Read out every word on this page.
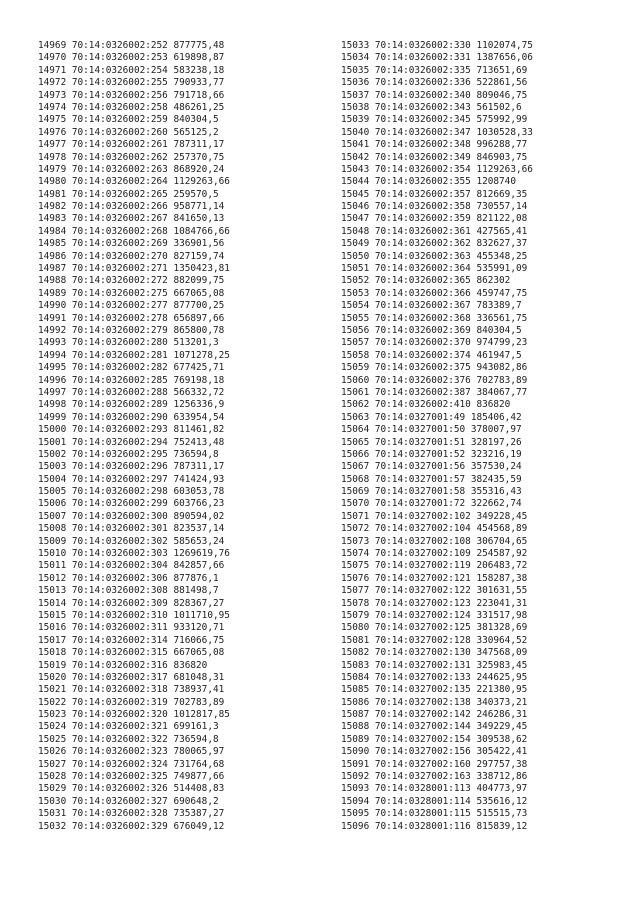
14969 70:14:0326002:252 877775,48
14970 70:14:0326002:253 619898,87
14971 70:14:0326002:254 583238,18
14972 70:14:0326002:255 790933,77
14973 70:14:0326002:256 791718,66
14974 70:14:0326002:258 486261,25
14975 70:14:0326002:259 840304,5
14976 70:14:0326002:260 565125,2
14977 70:14:0326002:261 787311,17
14978 70:14:0326002:262 257370,75
14979 70:14:0326002:263 868920,24
14980 70:14:0326002:264 1129263,66
14981 70:14:0326002:265 259570,5
14982 70:14:0326002:266 958771,14
14983 70:14:0326002:267 841650,13
14984 70:14:0326002:268 1084766,66
14985 70:14:0326002:269 336901,56
14986 70:14:0326002:270 827159,74
14987 70:14:0326002:271 1350423,81
14988 70:14:0326002:272 882099,75
14989 70:14:0326002:275 667065,08
14990 70:14:0326002:277 877700,25
14991 70:14:0326002:278 656897,66
14992 70:14:0326002:279 865800,78
14993 70:14:0326002:280 513201,3
14994 70:14:0326002:281 1071278,25
14995 70:14:0326002:282 677425,71
14996 70:14:0326002:285 769198,18
14997 70:14:0326002:288 566332,72
14998 70:14:0326002:289 1256336,9
14999 70:14:0326002:290 633954,54
15000 70:14:0326002:293 811461,82
15001 70:14:0326002:294 752413,48
15002 70:14:0326002:295 736594,8
15003 70:14:0326002:296 787311,17
15004 70:14:0326002:297 741424,93
15005 70:14:0326002:298 603053,78
15006 70:14:0326002:299 603766,23
15007 70:14:0326002:300 890594,02
15008 70:14:0326002:301 823537,14
15009 70:14:0326002:302 585653,24
15010 70:14:0326002:303 1269619,76
15011 70:14:0326002:304 842857,66
15012 70:14:0326002:306 877876,1
15013 70:14:0326002:308 881498,7
15014 70:14:0326002:309 828367,27
15015 70:14:0326002:310 1011710,95
15016 70:14:0326002:311 933120,71
15017 70:14:0326002:314 716066,75
15018 70:14:0326002:315 667065,08
15019 70:14:0326002:316 836820
15020 70:14:0326002:317 681048,31
15021 70:14:0326002:318 738937,41
15022 70:14:0326002:319 702783,89
15023 70:14:0326002:320 1012817,85
15024 70:14:0326002:321 699161,3
15025 70:14:0326002:322 736594,8
15026 70:14:0326002:323 780065,97
15027 70:14:0326002:324 731764,68
15028 70:14:0326002:325 749877,66
15029 70:14:0326002:326 514408,83
15030 70:14:0326002:327 690648,2
15031 70:14:0326002:328 735387,27
15032 70:14:0326002:329 676049,12
15033 70:14:0326002:330 1102074,75
15034 70:14:0326002:331 1387656,06
15035 70:14:0326002:335 713651,69
15036 70:14:0326002:336 522861,56
15037 70:14:0326002:340 809046,75
15038 70:14:0326002:343 561502,6
15039 70:14:0326002:345 575992,99
15040 70:14:0326002:347 1030528,33
15041 70:14:0326002:348 996288,77
15042 70:14:0326002:349 846903,75
15043 70:14:0326002:354 1129263,66
15044 70:14:0326002:355 1208740
15045 70:14:0326002:357 812669,35
15046 70:14:0326002:358 730557,14
15047 70:14:0326002:359 821122,08
15048 70:14:0326002:361 427565,41
15049 70:14:0326002:362 832627,37
15050 70:14:0326002:363 455348,25
15051 70:14:0326002:364 535991,09
15052 70:14:0326002:365 862302
15053 70:14:0326002:366 459747,75
15054 70:14:0326002:367 783389,7
15055 70:14:0326002:368 336561,75
15056 70:14:0326002:369 840304,5
15057 70:14:0326002:370 974799,23
15058 70:14:0326002:374 461947,5
15059 70:14:0326002:375 943082,86
15060 70:14:0326002:376 702783,89
15061 70:14:0326002:387 384067,77
15062 70:14:0326002:410 836820
15063 70:14:0327001:49 185406,42
15064 70:14:0327001:50 378007,97
15065 70:14:0327001:51 328197,26
15066 70:14:0327001:52 323216,19
15067 70:14:0327001:56 357530,24
15068 70:14:0327001:57 382435,59
15069 70:14:0327001:58 355316,43
15070 70:14:0327001:72 322662,74
15071 70:14:0327002:102 349228,45
15072 70:14:0327002:104 454568,89
15073 70:14:0327002:108 306704,65
15074 70:14:0327002:109 254587,92
15075 70:14:0327002:119 206483,72
15076 70:14:0327002:121 158287,38
15077 70:14:0327002:122 301631,55
15078 70:14:0327002:123 223041,31
15079 70:14:0327002:124 331517,98
15080 70:14:0327002:125 381328,69
15081 70:14:0327002:128 330964,52
15082 70:14:0327002:130 347568,09
15083 70:14:0327002:131 325983,45
15084 70:14:0327002:133 244625,95
15085 70:14:0327002:135 221380,95
15086 70:14:0327002:138 340373,21
15087 70:14:0327002:142 246286,31
15088 70:14:0327002:144 349229,45
15089 70:14:0327002:154 309538,62
15090 70:14:0327002:156 305422,41
15091 70:14:0327002:160 297757,38
15092 70:14:0327002:163 338712,86
15093 70:14:0328001:113 404773,97
15094 70:14:0328001:114 535616,12
15095 70:14:0328001:115 515515,73
15096 70:14:0328001:116 815839,12
